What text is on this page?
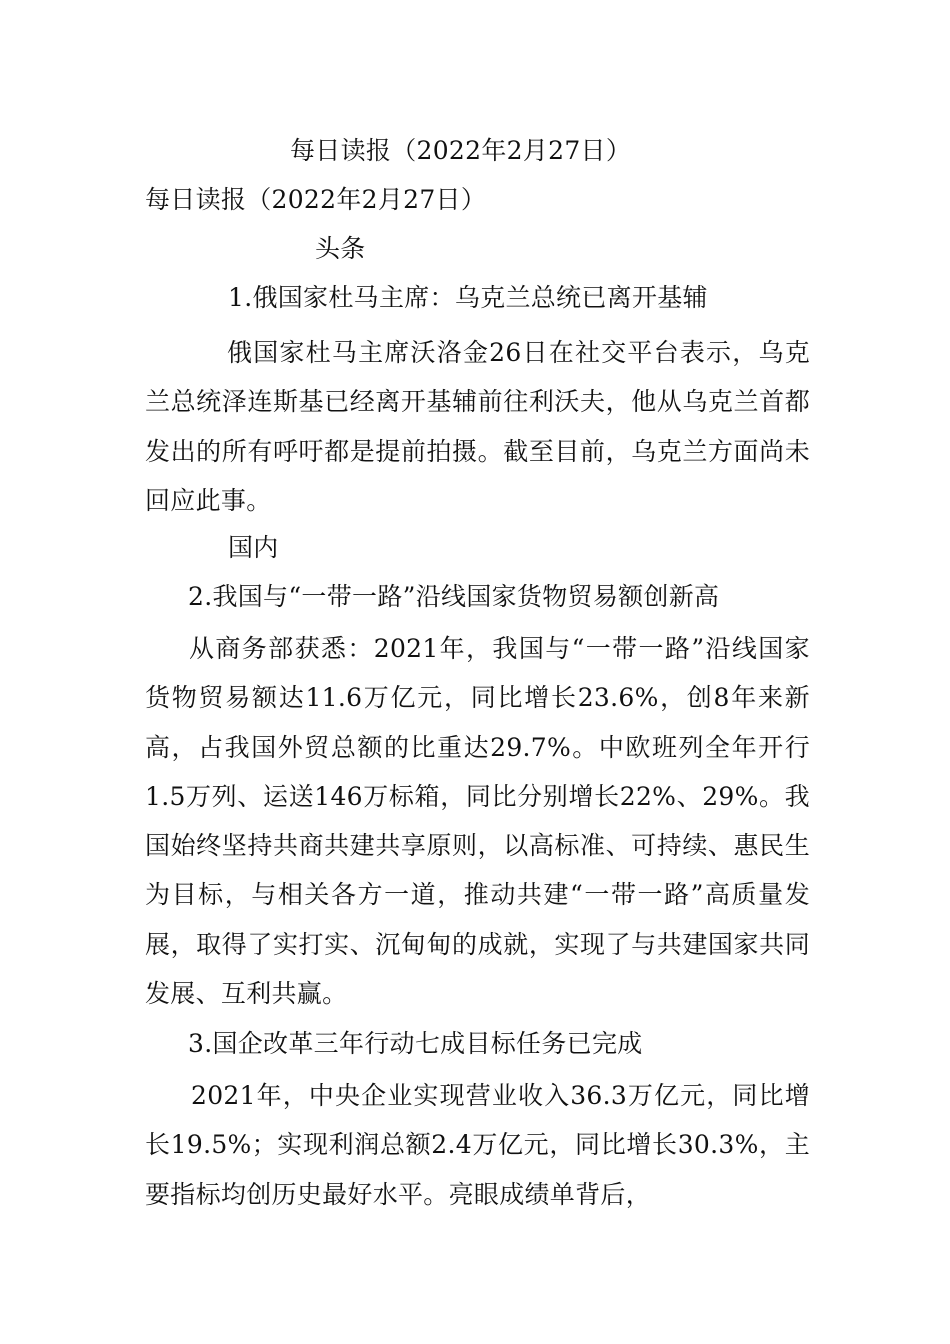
每日读报（2022年2月27日）
每日读报（2022年2月27日）
头条
1.俄国家杜马主席：乌克兰总统已离开基辅
俄国家杜马主席沃洛金26日在社交平台表示，乌克兰总统泽连斯基已经离开基辅前往利沃夫，他从乌克兰首都发出的所有呼吁都是提前拍摄。截至目前，乌克兰方面尚未回应此事。
国内
2.我国与“一带一路”沿线国家货物贸易额创新高
从商务部获悉：2021年，我国与“一带一路”沿线国家货物贸易额达11.6万亿元，同比增长23.6%，创8年来新高，占我国外贸总额的比重达29.7%。中欧班列全年开行1.5万列、运送146万标箱，同比分别增长22%、29%。我国始终坚持共商共建共享原则，以高标准、可持续、惠民生为目标，与相关各方一道，推动共建“一带一路”高质量发展，取得了实打实、沉甸甸的成就，实现了与共建国家共同发展、互利共赢。
3.国企改革三年行动七成目标任务已完成
2021年，中央企业实现营业收入36.3万亿元，同比增长19.5%；实现利润总额2.4万亿元，同比增长30.3%，主要指标均创历史最好水平。亮眼成绩单背后，
